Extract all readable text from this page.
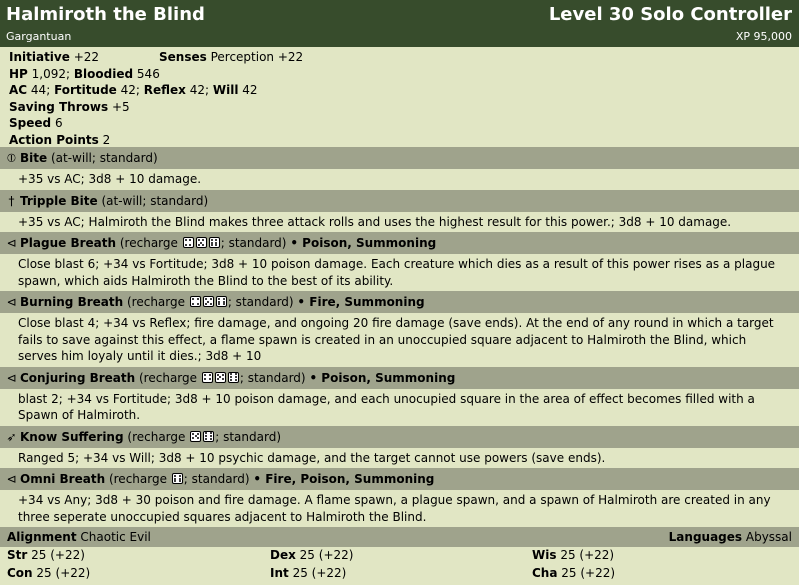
Halmiroth the Blind
Gargantuan
Level 30 Solo Controller
XP 95,000
Initiative +22	Senses Perception +22
HP 1,092; Bloodied 546
AC 44; Fortitude 42; Reflex 42; Will 42
Saving Throws +5
Speed 6
Action Points 2
⦶ Bite (at-will; standard)
+35 vs AC; 3d8 + 10 damage.
† Tripple Bite (at-will; standard)
+35 vs AC; Halmiroth the Blind makes three attack rolls and uses the highest result for this power.; 3d8 + 10 damage.
⊲ Plague Breath (recharge	; standard) • Poison, Summoning
Close blast 6; +34 vs Fortitude; 3d8 + 10 poison damage. Each creature which dies as a result of this power rises as a plague spawn, which aids Halmiroth the Blind to the best of its ability.
⊲ Burning Breath (recharge	; standard) • Fire, Summoning
Close blast 4; +34 vs Reflex; fire damage, and ongoing 20 fire damage (save ends). At the end of any round in which a target fails to save against this effect, a flame spawn is created in an unoccupied square adjacent to Halmiroth the Blind, which serves him loyaly until it dies.; 3d8 + 10
⊲ Conjuring Breath (recharge	; standard) • Poison, Summoning
blast 2; +34 vs Fortitude; 3d8 + 10 poison damage, and each unocupied square in the area of effect becomes filled with a Spawn of Halmiroth.
➶ Know Suffering (recharge ; standard)
Ranged 5; +34 vs Will; 3d8 + 10 psychic damage, and the target cannot use powers (save ends).
⊲ Omni Breath (recharge ; standard) • Fire, Poison, Summoning
+34 vs Any; 3d8 + 30 poison and fire damage. A flame spawn, a plague spawn, and a spawn of Halmiroth are created in any three seperate unoccupied squares adjacent to Halmiroth the Blind.
Alignment Chaotic Evil	Languages Abyssal
Str 25 (+22)	Dex 25 (+22)	Wis 25 (+22)
Con 25 (+22)	Int 25 (+22)	Cha 25 (+22)
